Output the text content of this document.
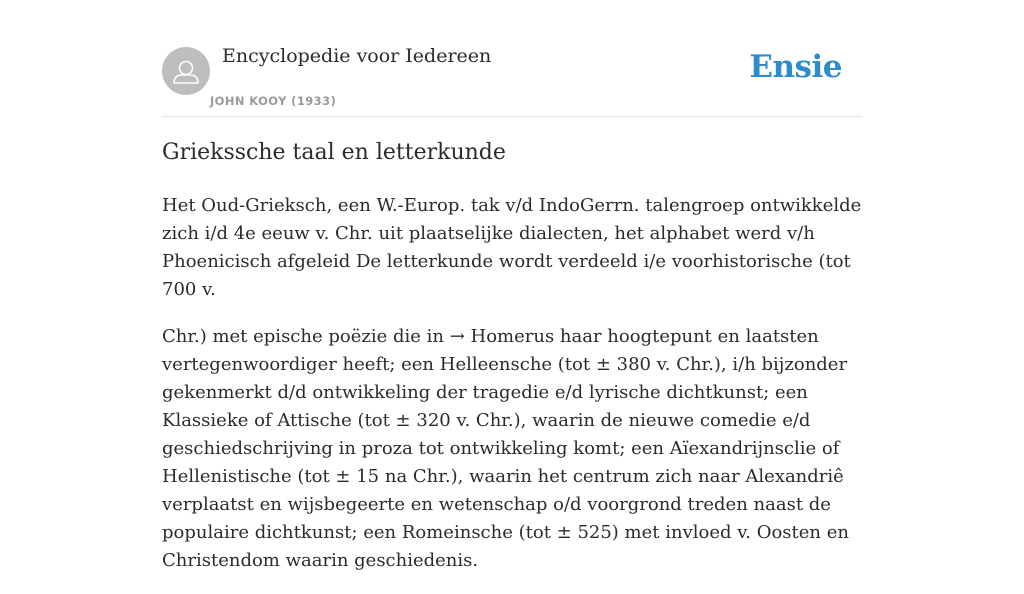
Encyclopedie voor Iedereen
JOHN KOOY (1933)
Ensie
Griekssche taal en letterkunde

Het Oud-Grieksch, een W.-Europ. tak v/d IndoGerrn. talengroep ontwikkelde zich i/d 4e eeuw v. Chr. uit plaatselijke dialecten, het alphabet werd v/h Phoenicisch afgeleid De letterkunde wordt verdeeld i/e voorhistorische (tot 700 v.

Chr.) met epische poëzie die in → Homerus haar hoogtepunt en laatsten vertegenwoordiger heeft; een Helleensche (tot ± 380 v. Chr.), i/h bijzonder gekenmerkt d/d ontwikkeling der tragedie e/d lyrische dichtkunst; een Klassieke of Attische (tot ± 320 v. Chr.), waarin de nieuwe comedie e/d geschiedschrijving in proza tot ontwikkeling komt; een Aïexandrijnsclie of Hellenistische (tot ± 15 na Chr.), waarin het centrum zich naar Alexandriê verplaatst en wijsbegeerte en wetenschap o/d voorgrond treden naast de populaire dichtkunst; een Romeinsche (tot ± 525) met invloed v. Oosten en Christendom waarin geschiedenis.
